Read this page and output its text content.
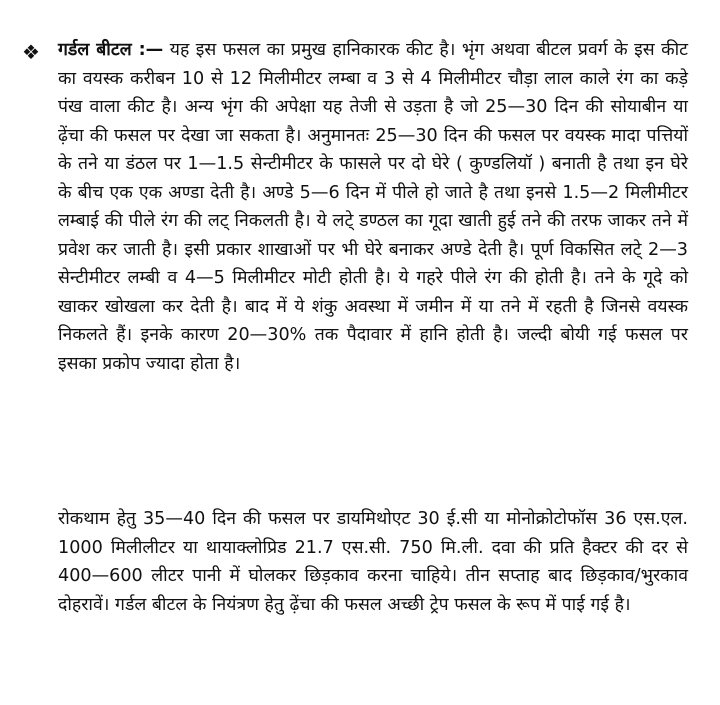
❖ गर्डल बीटल :— यह इस फसल का प्रमुख हानिकारक कीट है। भृंग अथवा बीटल प्रवर्ग के इस कीट का वयस्क करीबन 10 से 12 मिलीमीटर लम्बा व 3 से 4 मिलीमीटर चौड़ा लाल काले रंग का कड़े पंख वाला कीट है। अन्य भृंग की अपेक्षा यह तेजी से उड़ता है जो 25—30 दिन की सोयाबीन या ढ़ेंचा की फसल पर देखा जा सकता है। अनुमानतः 25—30 दिन की फसल पर वयस्क मादा पत्तियों के तने या डंठल पर 1—1.5 सेन्टीमीटर के फासले पर दो घेरे ( कुण्डलियॉ ) बनाती है तथा इन घेरे के बीच एक एक अण्डा देती है। अण्डे 5—6 दिन में पीले हो जाते है तथा इनसे 1.5—2 मिलीमीटर लम्बाई की पीले रंग की लट् निकलती है। ये लटे् डण्ठल का गूदा खाती हुई तने की तरफ जाकर तने में प्रवेश कर जाती है। इसी प्रकार शाखाओं पर भी घेरे बनाकर अण्डे देती है। पूर्ण विकसित लटे् 2—3 सेन्टीमीटर लम्बी व 4—5 मिलीमीटर मोटी होती है। ये गहरे पीले रंग की होती है। तने के गूदे को खाकर खोखला कर देती है। बाद में ये शंकु अवस्था में जमीन में या तने में रहती है जिनसे वयस्क निकलते हैं। इनके कारण 20—30% तक पैदावार में हानि होती है। जल्दी बोयी गई फसल पर इसका प्रकोप ज्यादा होता है।

रोकथाम हेतु 35—40 दिन की फसल पर डायमिथोएट 30 ई.सी या मोनोक्रोटोफॉस 36 एस.एल. 1000 मिलीलीटर या थायाक्लोप्रिड 21.7 एस.सी. 750 मि.ली. दवा की प्रति हैक्टर की दर से 400—600 लीटर पानी में घोलकर छिड़काव करना चाहिये। तीन सप्ताह बाद छिड़काव/भुरकाव दोहरावें। गर्डल बीटल के नियंत्रण हेतु ढ़ेंचा की फसल अच्छी ट्रेप फसल के रूप में पाई गई है।
